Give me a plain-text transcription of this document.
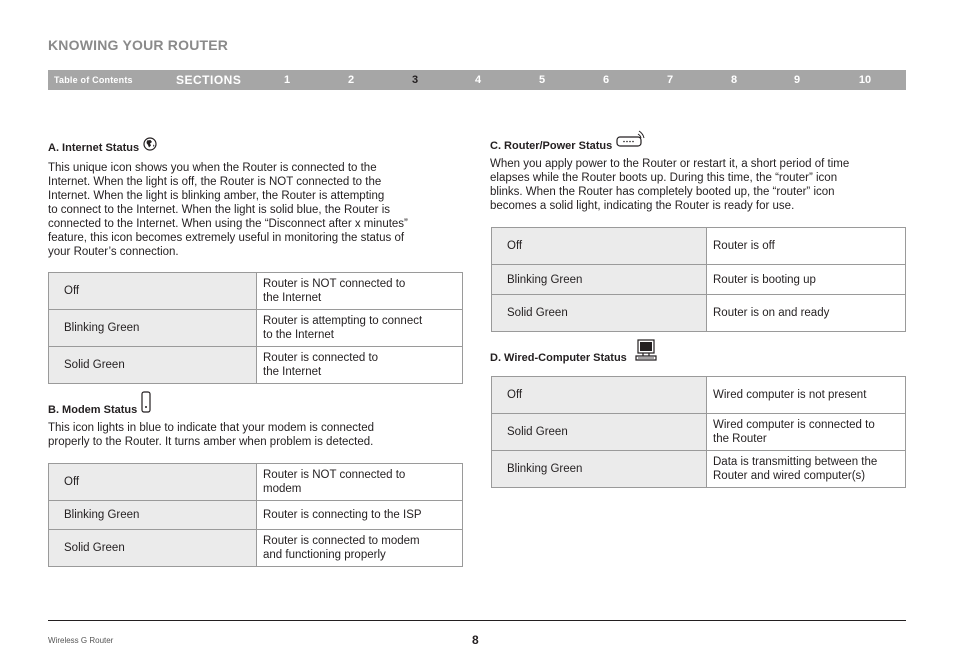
KNOWING YOUR ROUTER
Table of Contents	SECTIONS	1	2	3	4	5	6	7	8	9	10
A. Internet Status
This unique icon shows you when the Router is connected to the
Internet. When the light is off, the Router is NOT connected to the
Internet. When the light is blinking amber, the Router is attempting
to connect to the Internet. When the light is solid blue, the Router is
connected to the Internet. When using the “Disconnect after x minutes”
feature, this icon becomes extremely useful in monitoring the status of
your Router’s connection.
Off	Router is NOT connected to
the Internet

Blinking Green	Router is attempting to connect
to the Internet

Solid Green	Router is connected to
the Internet
B. Modem Status
This icon lights in blue to indicate that your modem is connected
properly to the Router. It turns amber when problem is detected.
Off	Router is NOT connected to
modem

Blinking Green	Router is connecting to the ISP

Solid Green	Router is connected to modem
and functioning properly
C. Router/Power Status
When you apply power to the Router or restart it, a short period of time
elapses while the Router boots up. During this time, the “router” icon
blinks. When the Router has completely booted up, the “router” icon
becomes a solid light, indicating the Router is ready for use.
Off	Router is off

Blinking Green	Router is booting up

Solid Green	Router is on and ready
D. Wired-Computer Status
Off	Wired computer is not present

Solid Green	Wired computer is connected to
the Router

Blinking Green	Data is transmitting between the
Router and wired computer(s)
Wireless G Router	8
